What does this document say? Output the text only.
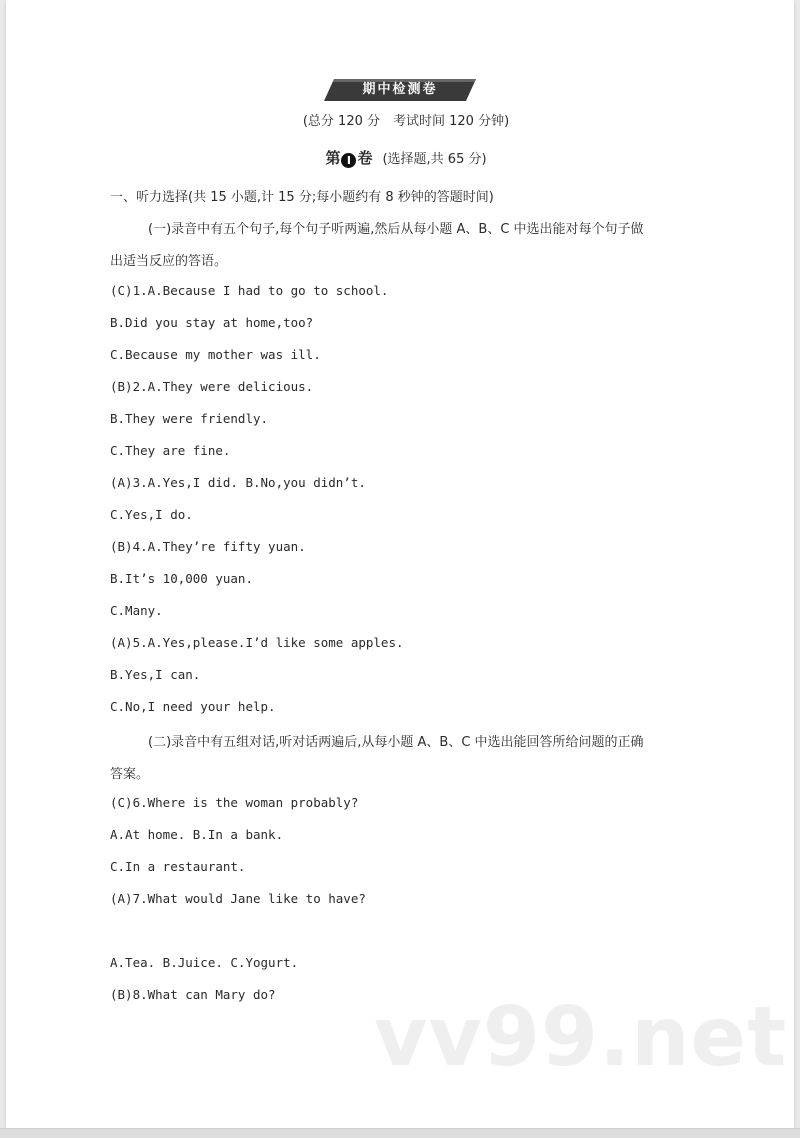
期中检测卷
(总分 120 分　考试时间 120 分钟)
第 Ⅰ 卷 (选择题,共 65 分)
一、听力选择(共 15 小题,计 15 分;每小题约有 8 秒钟的答题时间)
(一)录音中有五个句子,每个句子听两遍,然后从每小题 A、B、C 中选出能对每个句子做
出适当反应的答语。
(C)1.A.Because I had to go to school.
B.Did you stay at home,too?
C.Because my mother was ill.
(B)2.A.They were delicious.
B.They were friendly.
C.They are fine.
(A)3.A.Yes,I did. B.No,you didn’t.
C.Yes,I do.
(B)4.A.They’re fifty yuan.
B.It’s 10,000 yuan.
C.Many.
(A)5.A.Yes,please.I’d like some apples.
B.Yes,I can.
C.No,I need your help.
(二)录音中有五组对话,听对话两遍后,从每小题 A、B、C 中选出能回答所给问题的正确
答案。
(C)6.Where is the woman probably?
A.At home. B.In a bank.
C.In a restaurant.
(A)7.What would Jane like to have?
A.Tea. B.Juice. C.Yogurt.
(B)8.What can Mary do? vv99.net
